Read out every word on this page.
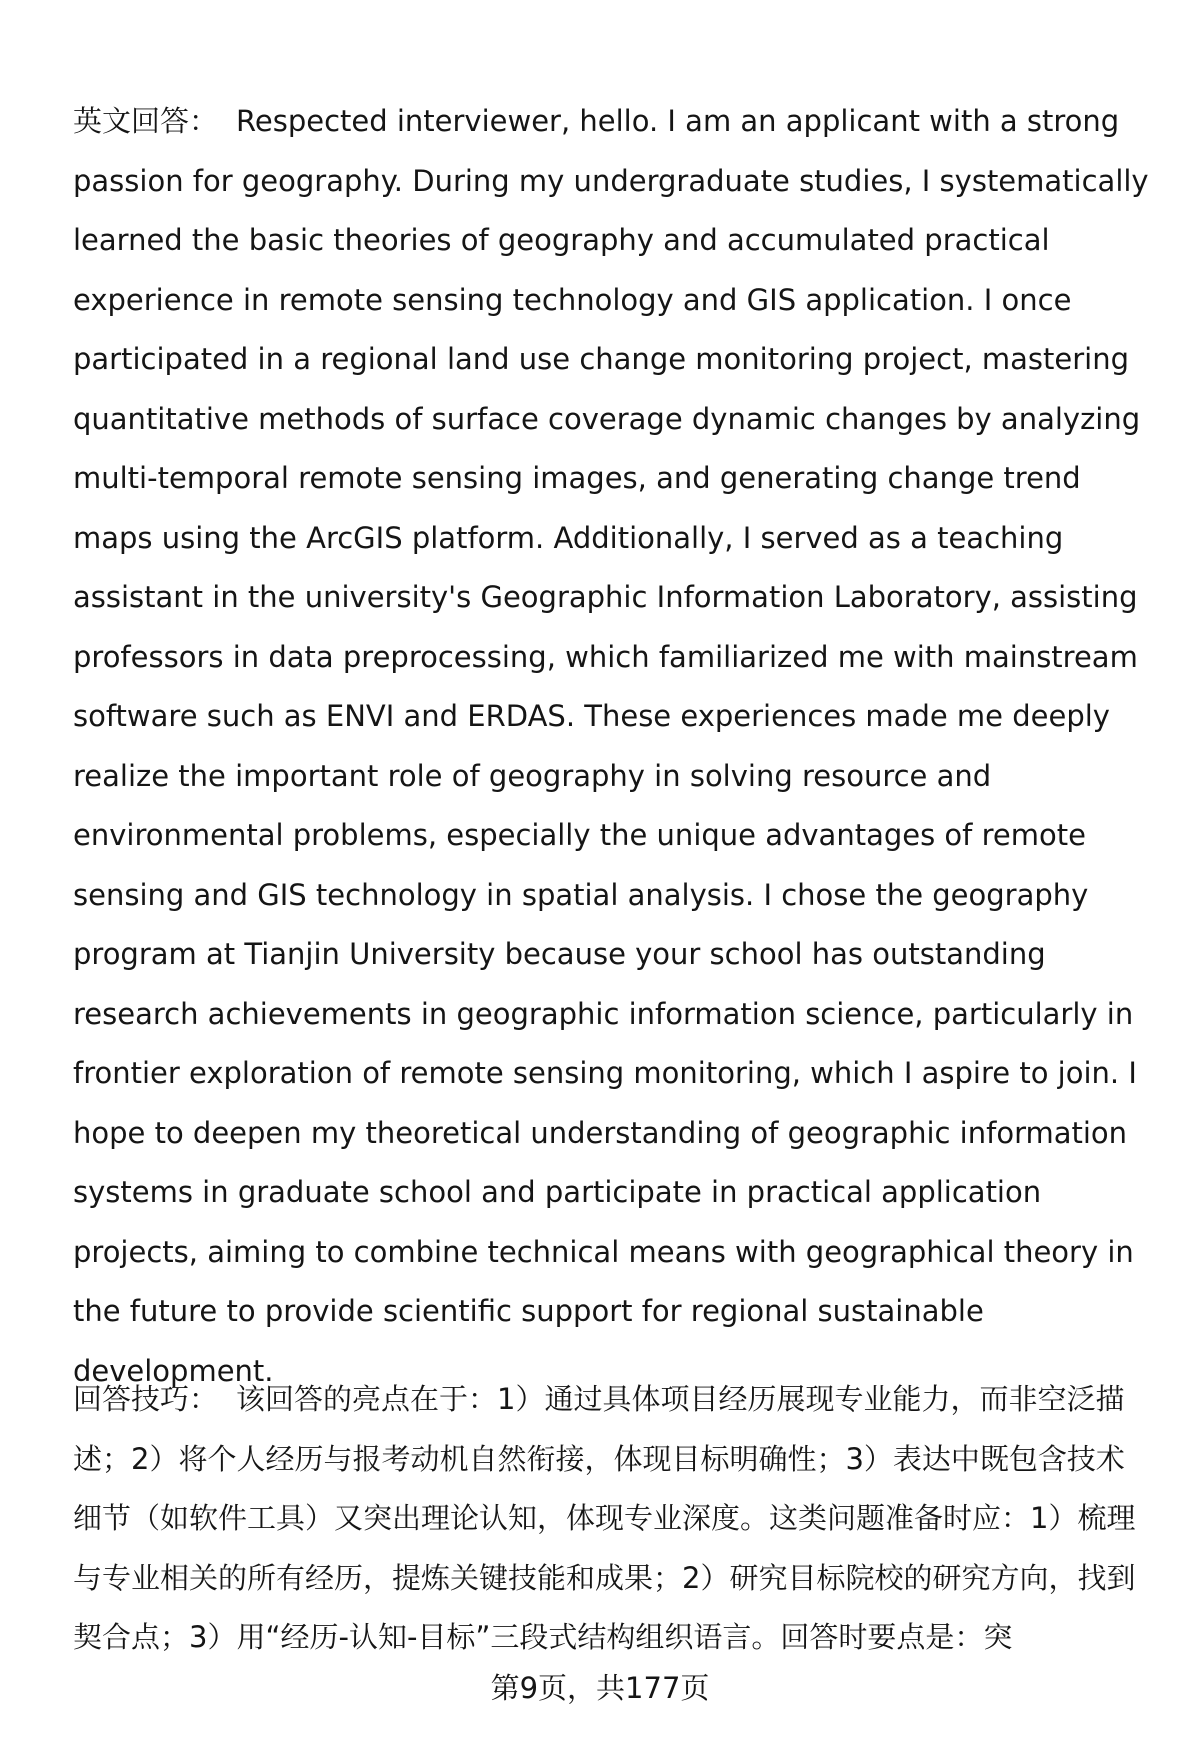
英文回答： Respected interviewer, hello. I am an applicant with a strong passion for geography. During my undergraduate studies, I systematically learned the basic theories of geography and accumulated practical experience in remote sensing technology and GIS application. I once participated in a regional land use change monitoring project, mastering quantitative methods of surface coverage dynamic changes by analyzing multi-temporal remote sensing images, and generating change trend maps using the ArcGIS platform. Additionally, I served as a teaching assistant in the university's Geographic Information Laboratory, assisting professors in data preprocessing, which familiarized me with mainstream software such as ENVI and ERDAS. These experiences made me deeply realize the important role of geography in solving resource and environmental problems, especially the unique advantages of remote sensing and GIS technology in spatial analysis. I chose the geography program at Tianjin University because your school has outstanding research achievements in geographic information science, particularly in frontier exploration of remote sensing monitoring, which I aspire to join. I hope to deepen my theoretical understanding of geographic information systems in graduate school and participate in practical application projects, aiming to combine technical means with geographical theory in the future to provide scientific support for regional sustainable development.
回答技巧： 该回答的亮点在于：1）通过具体项目经历展现专业能力，而非空泛描述；2）将个人经历与报考动机自然衔接，体现目标明确性；3）表达中既包含技术细节（如软件工具）又突出理论认知，体现专业深度。这类问题准备时应：1）梳理与专业相关的所有经历，提炼关键技能和成果；2）研究目标院校的研究方向，找到契合点；3）用“经历-认知-目标”三段式结构组织语言。回答时要点是：突
第9页，共177页
